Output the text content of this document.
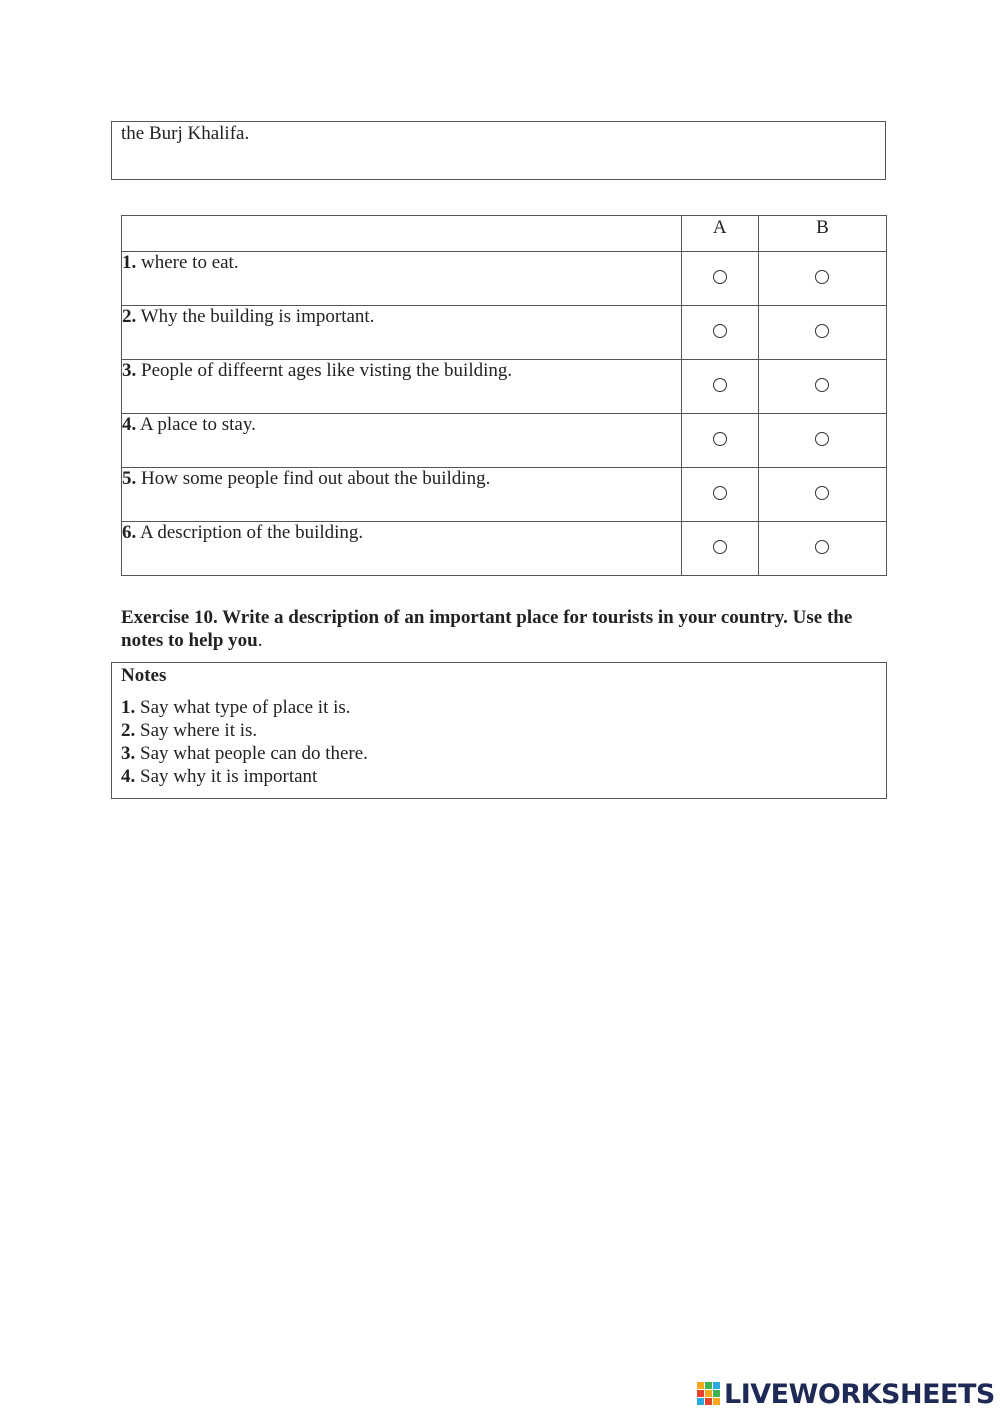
the Burj Khalifa.
	A	B
1. where to eat.		
2. Why the building is important.		
3. People of diffeernt ages like visting the building.		
4. A place to stay.		
5. How some people find out about the building.		
6. A description of the building.		
Exercise 10. Write a description of an important place for tourists in your country. Use the notes to help you.
Notes
1. Say what type of place it is.
2. Say where it is.
3. Say what people can do there.
4. Say why it is important
LIVEWORKSHEETS
